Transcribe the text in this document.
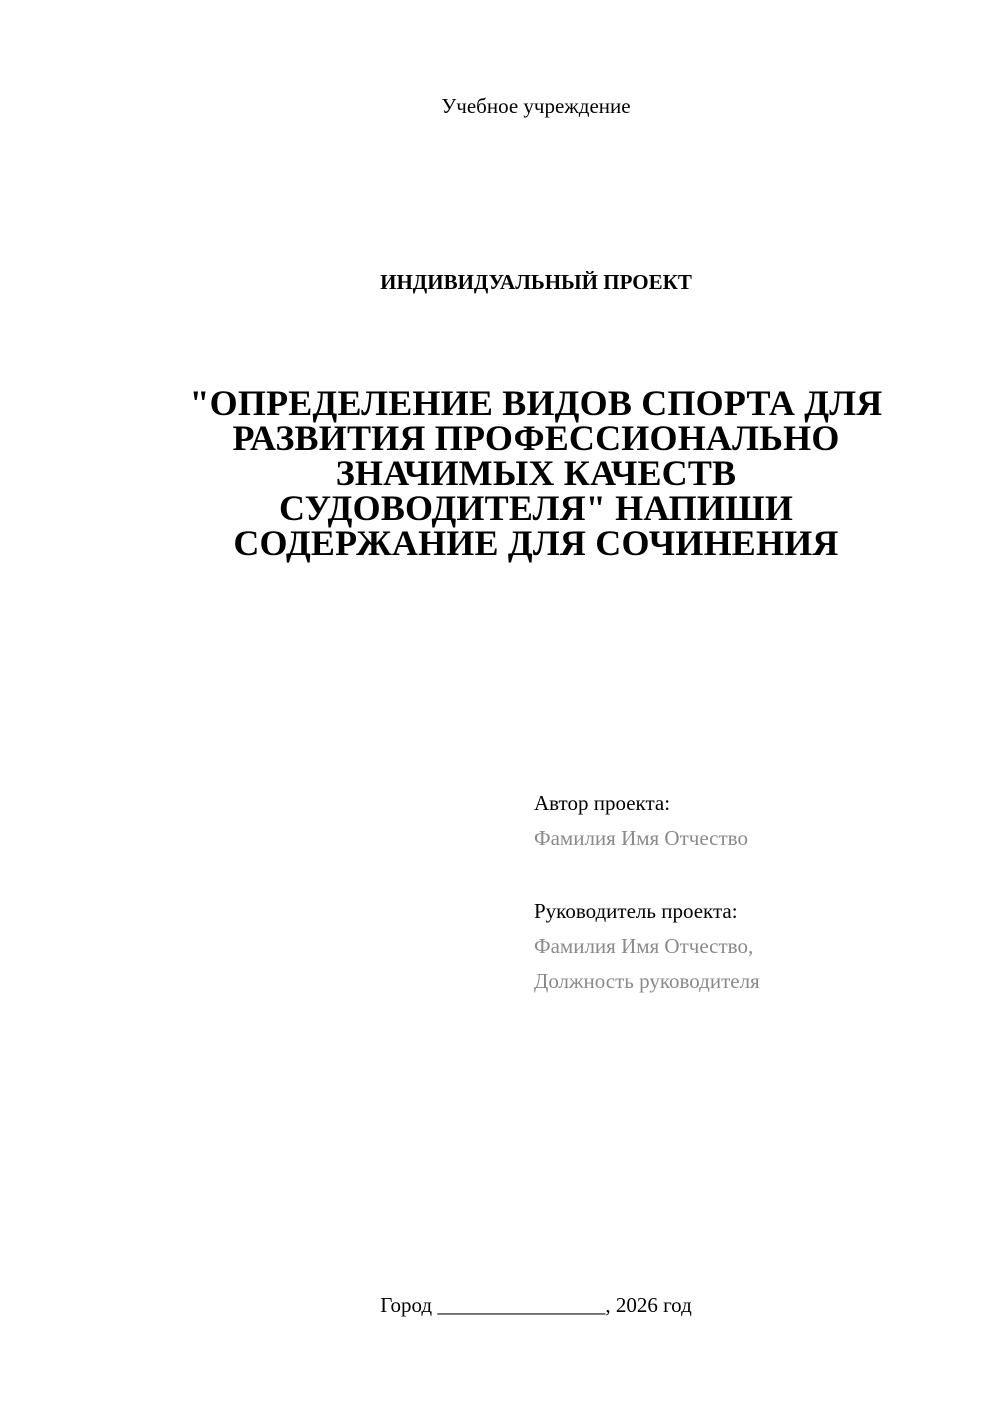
Учебное учреждение
ИНДИВИДУАЛЬНЫЙ ПРОЕКТ
"ОПРЕДЕЛЕНИЕ ВИДОВ СПОРТА ДЛЯ
РАЗВИТИЯ ПРОФЕССИОНАЛЬНО
ЗНАЧИМЫХ КАЧЕСТВ
СУДОВОДИТЕЛЯ" НАПИШИ
СОДЕРЖАНИЕ ДЛЯ СОЧИНЕНИЯ
Автор проекта:
Фамилия Имя Отчество
Руководитель проекта:
Фамилия Имя Отчество,
Должность руководителя
Город ________________, 2026 год
